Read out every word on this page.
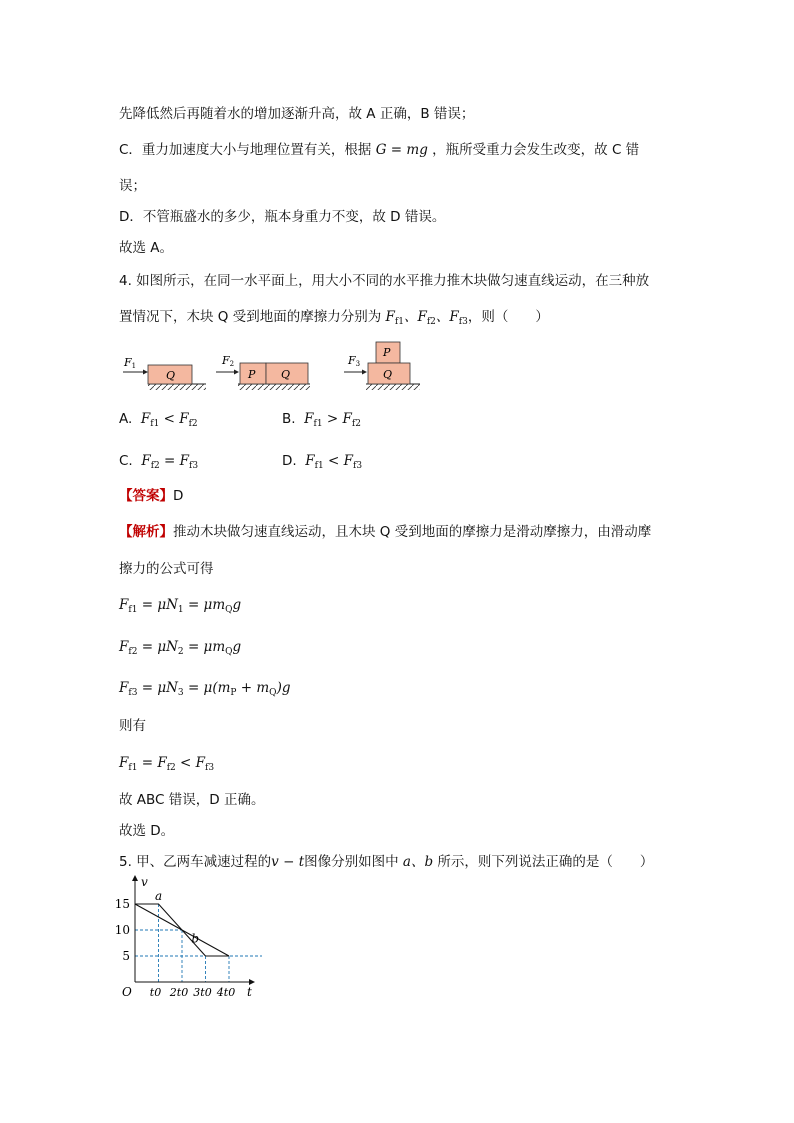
先降低然后再随着水的增加逐渐升高，故 A 正确，B 错误；
C．重力加速度大小与地理位置有关，根据 G = mg ，瓶所受重力会发生改变，故 C 错
误；
D．不管瓶盛水的多少，瓶本身重力不变，故 D 错误。
故选 A。
4. 如图所示，在同一水平面上，用大小不同的水平推力推木块做匀速直线运动，在三种放
置情况下，木块 Q 受到地面的摩擦力分别为 $F_{f1}$、$F_{f2}$、$F_{f3}$，则（　　）
F1
Q
F2
P Q
F3
P
Q
A. $F_{f1} < F_{f2}$	B. $F_{f1} > F_{f2}$
C. $F_{f2} = F_{f3}$	D. $F_{f1} < F_{f3}$
【答案】D
【解析】推动木块做匀速直线运动，且木块 Q 受到地面的摩擦力是滑动摩擦力，由滑动摩
擦力的公式可得
$F_{f1} = \mu N_1 = \mu m_Qg$
$F_{f2} = \mu N_2 = \mu m_Qg$
$F_{f3} = \mu N_3 = \mu(m_P + m_Q)g$
则有
$F_{f1} = F_{f2} < F_{f3}$
故 ABC 错误，D 正确。
故选 D。
5. 甲、乙两车减速过程的v − t图像分别如图中 a、b 所示，则下列说法正确的是（　　）
a
b
5
10
15
t0 2t0 3t0 4t0 t
v
O
